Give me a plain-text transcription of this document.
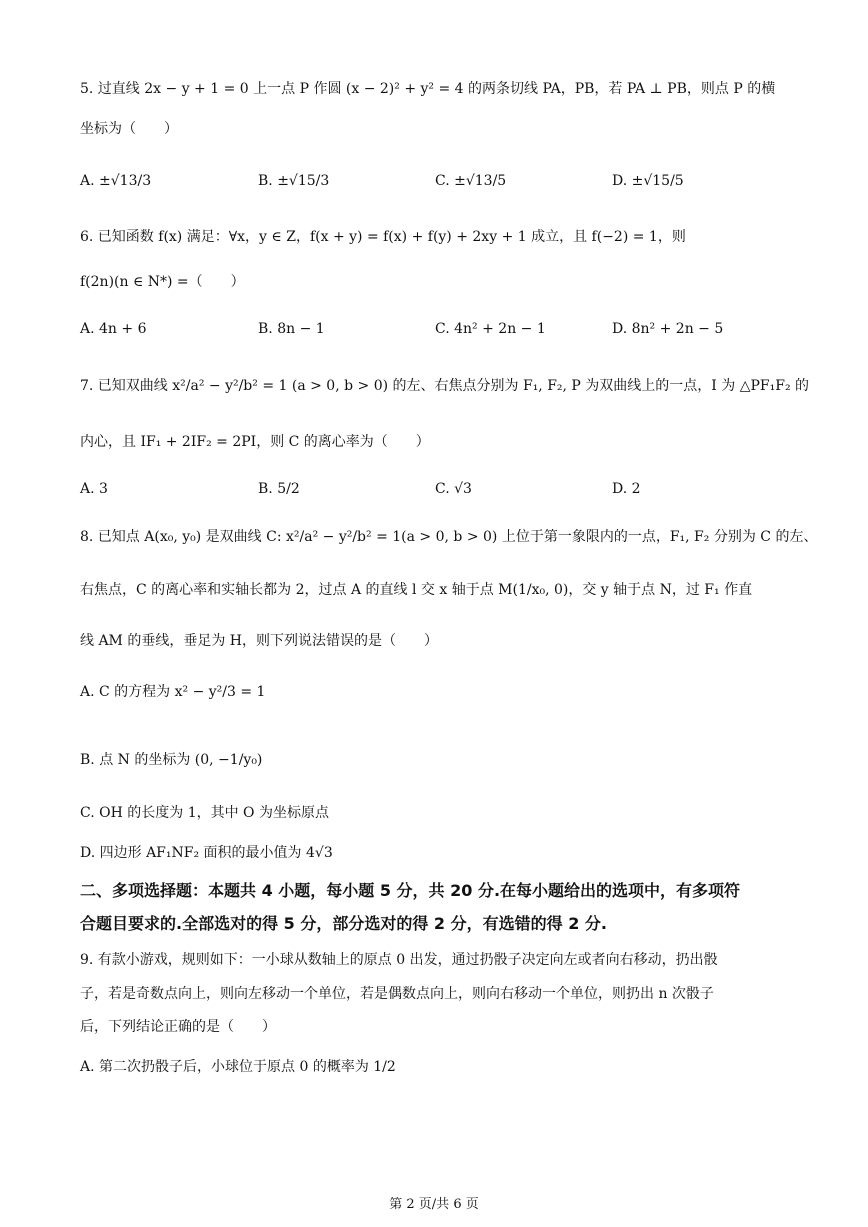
5. 过直线 2x − y + 1 = 0 上一点 P 作圆 (x − 2)² + y² = 4 的两条切线 PA，PB，若 PA ⊥ PB，则点 P 的横
坐标为（　　）
A. ±√13/3	B. ±√15/3	C. ±√13/5	D. ±√15/5
6. 已知函数 f(x) 满足：∀x，y ∈ Z，f(x + y) = f(x) + f(y) + 2xy + 1 成立，且 f(−2) = 1，则
f(2n)(n ∈ N*) =（　　）
A. 4n + 6	B. 8n − 1	C. 4n² + 2n − 1	D. 8n² + 2n − 5
7. 已知双曲线 x²/a² − y²/b² = 1 (a > 0, b > 0) 的左、右焦点分别为 F₁, F₂, P 为双曲线上的一点，I 为 △PF₁F₂ 的
内心，且 IF₁ + 2IF₂ = 2PI，则 C 的离心率为（　　）
A. 3	B. 5/2	C. √3	D. 2
8. 已知点 A(x₀, y₀) 是双曲线 C: x²/a² − y²/b² = 1(a > 0, b > 0) 上位于第一象限内的一点，F₁, F₂ 分别为 C 的左、
右焦点，C 的离心率和实轴长都为 2，过点 A 的直线 l 交 x 轴于点 M(1/x₀, 0)，交 y 轴于点 N，过 F₁ 作直
线 AM 的垂线，垂足为 H，则下列说法错误的是（　　）
A. C 的方程为 x² − y²/3 = 1
B. 点 N 的坐标为 (0, −1/y₀)
C. OH 的长度为 1，其中 O 为坐标原点
D. 四边形 AF₁NF₂ 面积的最小值为 4√3
二、多项选择题：本题共 4 小题，每小题 5 分，共 20 分.在每小题给出的选项中，有多项符
合题目要求的.全部选对的得 5 分，部分选对的得 2 分，有选错的得 2 分.
9. 有款小游戏，规则如下：一小球从数轴上的原点 0 出发，通过扔骰子决定向左或者向右移动，扔出骰
子，若是奇数点向上，则向左移动一个单位，若是偶数点向上，则向右移动一个单位，则扔出 n 次骰子
后，下列结论正确的是（　　）
A. 第二次扔骰子后，小球位于原点 0 的概率为 1/2
第 2 页/共 6 页
